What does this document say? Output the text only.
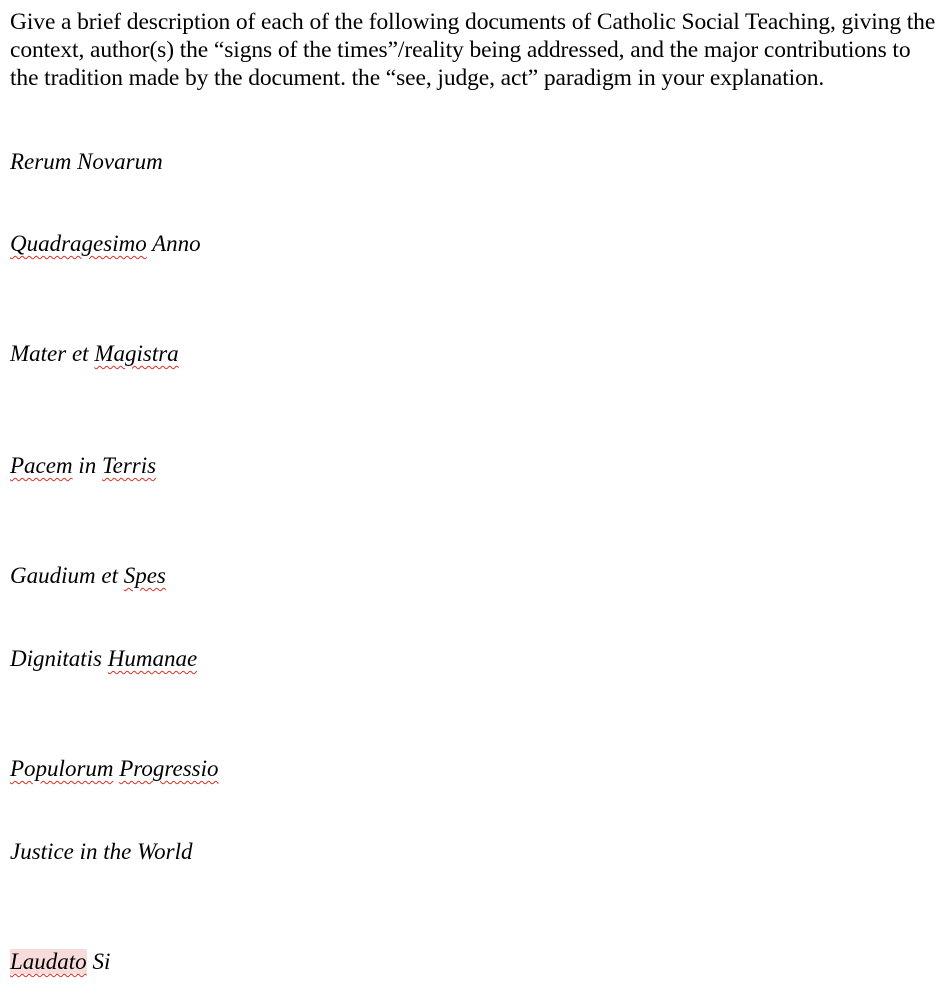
Give a brief description of each of the following documents of Catholic Social Teaching, giving the context, author(s) the “signs of the times”/reality being addressed, and the major contributions to the tradition made by the document. the “see, judge, act” paradigm in your explanation.

Rerum Novarum

Quadragesimo Anno

Mater et Magistra

Pacem in Terris

Gaudium et Spes

Dignitatis Humanae

Populorum Progressio

Justice in the World

Laudato Si
